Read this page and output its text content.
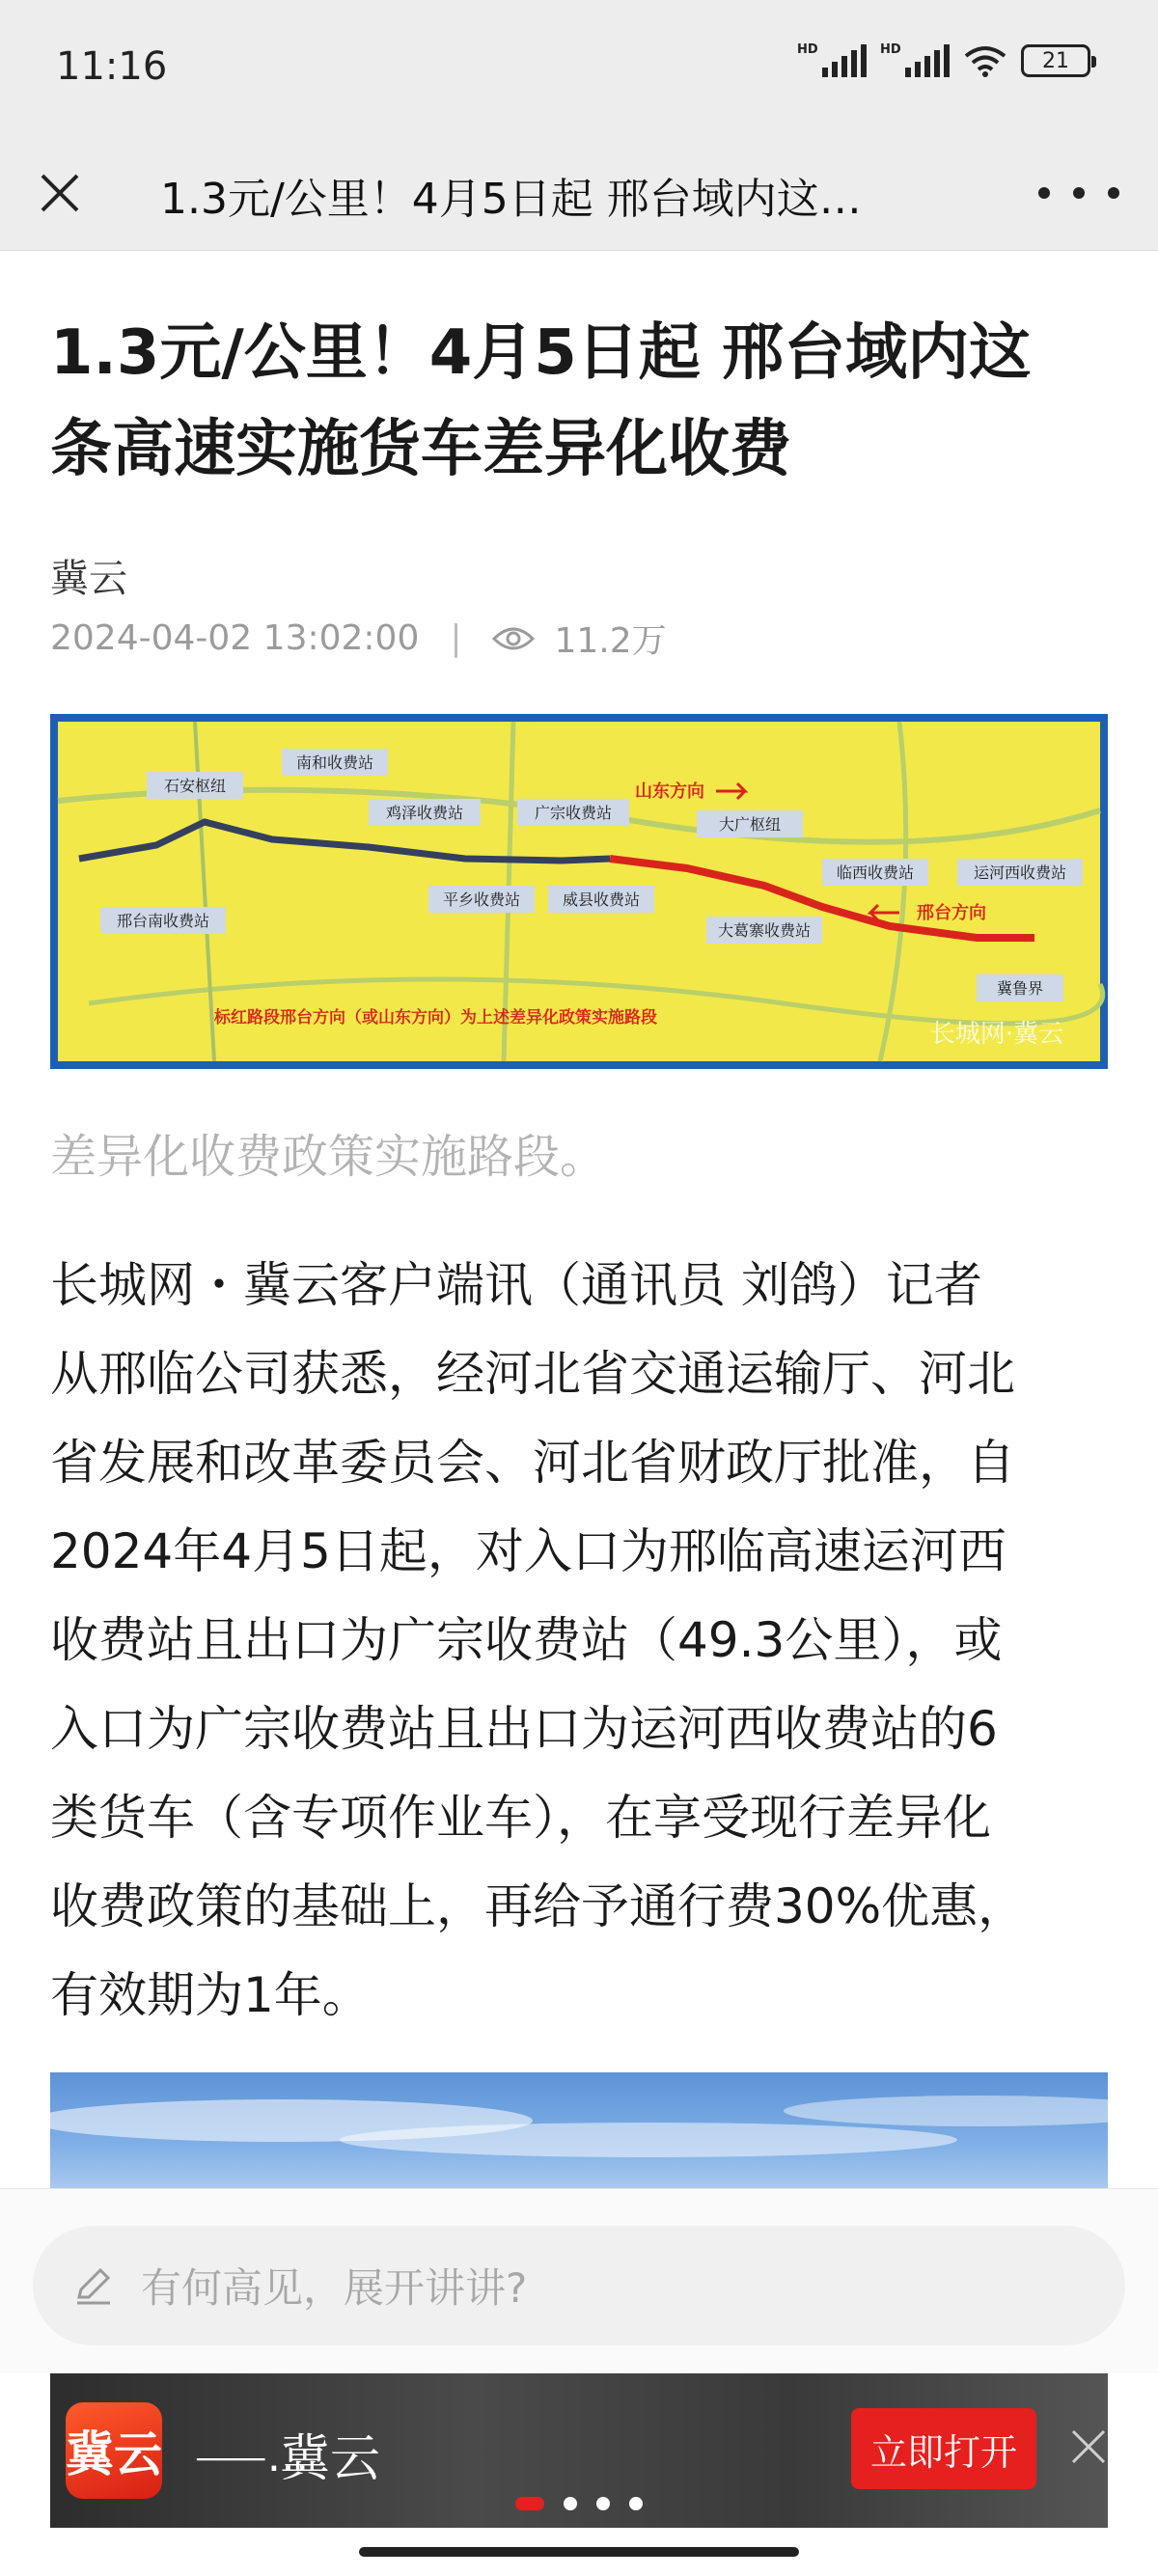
11:16	HD	HD	21
1.3元/公里！4月5日起 邢台域内这…
1.3元/公里！4月5日起 邢台域内这
条高速实施货车差异化收费
冀云
2024-04-02 13:02:00 |	11.2万
石安枢纽
南和收费站
鸡泽收费站	广宗收费站
山东方向
大广枢纽
邢台南收费站
平乡收费站	威县收费站
临西收费站	运河西收费站
邢台方向
大葛寨收费站
冀鲁界
标红路段邢台方向（或山东方向）为上述差异化政策实施路段
长城网·冀云
差异化收费政策实施路段。
长城网・冀云客户端讯（通讯员 刘鸽）记者
从邢临公司获悉，经河北省交通运输厅、河北
省发展和改革委员会、河北省财政厅批准，自
2024年4月5日起，对入口为邢临高速运河西
收费站且出口为广宗收费站（49.3公里），或
入口为广宗收费站且出口为运河西收费站的6
类货车（含专项作业车），在享受现行差异化
收费政策的基础上，再给予通行费30%优惠，
有效期为1年。
有何高见，展开讲讲?
冀云 ⸺…
冀云	立即打开
